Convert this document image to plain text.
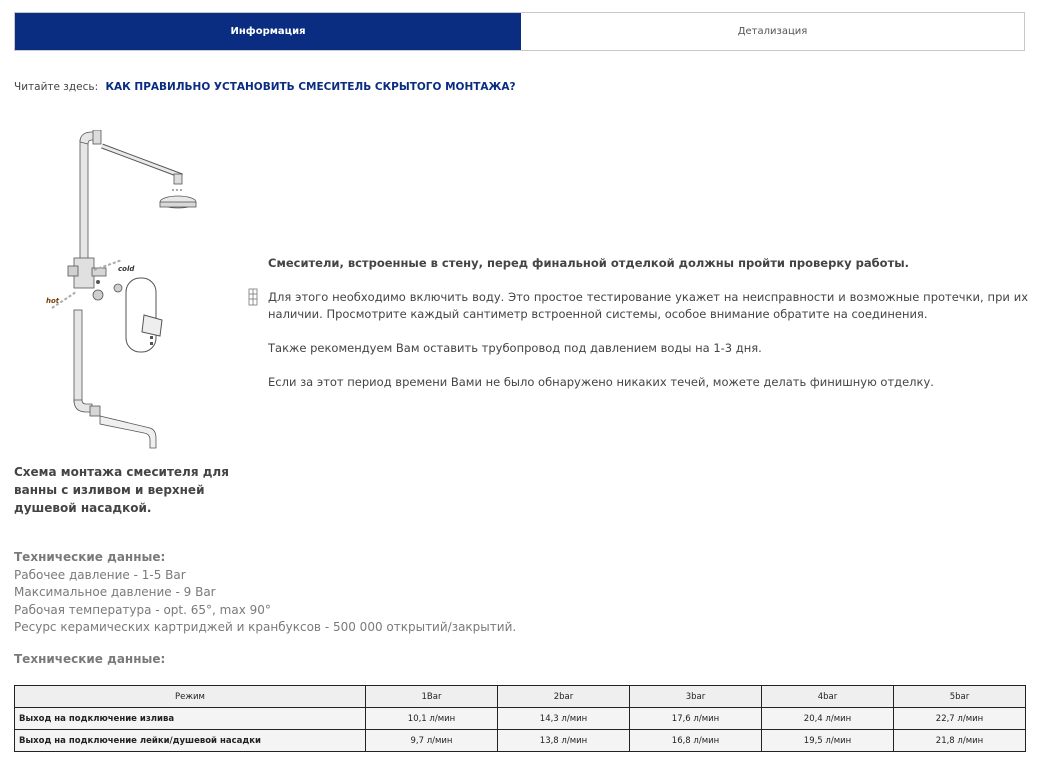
Информация	Детализация
Читайте здесь: КАК ПРАВИЛЬНО УСТАНОВИТЬ СМЕСИТЕЛЬ СКРЫТОГО МОНТАЖА?
cold
hot
Схема монтажа смесителя для ванны с изливом и верхней душевой насадкой.

Смесители, встроенные в стену, перед финальной отделкой должны пройти проверку работы.

Для этого необходимо включить воду. Это простое тестирование укажет на неисправности и возможные протечки, при их наличии. Просмотрите каждый сантиметр встроенной системы, особое внимание обратите на соединения.

Также рекомендуем Вам оставить трубопровод под давлением воды на 1-3 дня.

Если за этот период времени Вами не было обнаружено никаких течей, можете делать финишную отделку.

Технические данные:
Рабочее давление - 1-5 Bar
Максимальное давление - 9 Bar
Рабочая температура - opt. 65°, max 90°
Ресурс керамических картриджей и кранбуксов - 500 000 открытий/закрытий.
Технические данные:
Режим	1Bar	2bar	3bar	4bar	5bar
Выход на подключение излива	10,1 л/мин	14,3 л/мин	17,6 л/мин	20,4 л/мин	22,7 л/мин
Выход на подключение лейки/душевой насадки	9,7 л/мин	13,8 л/мин	16,8 л/мин	19,5 л/мин	21,8 л/мин
